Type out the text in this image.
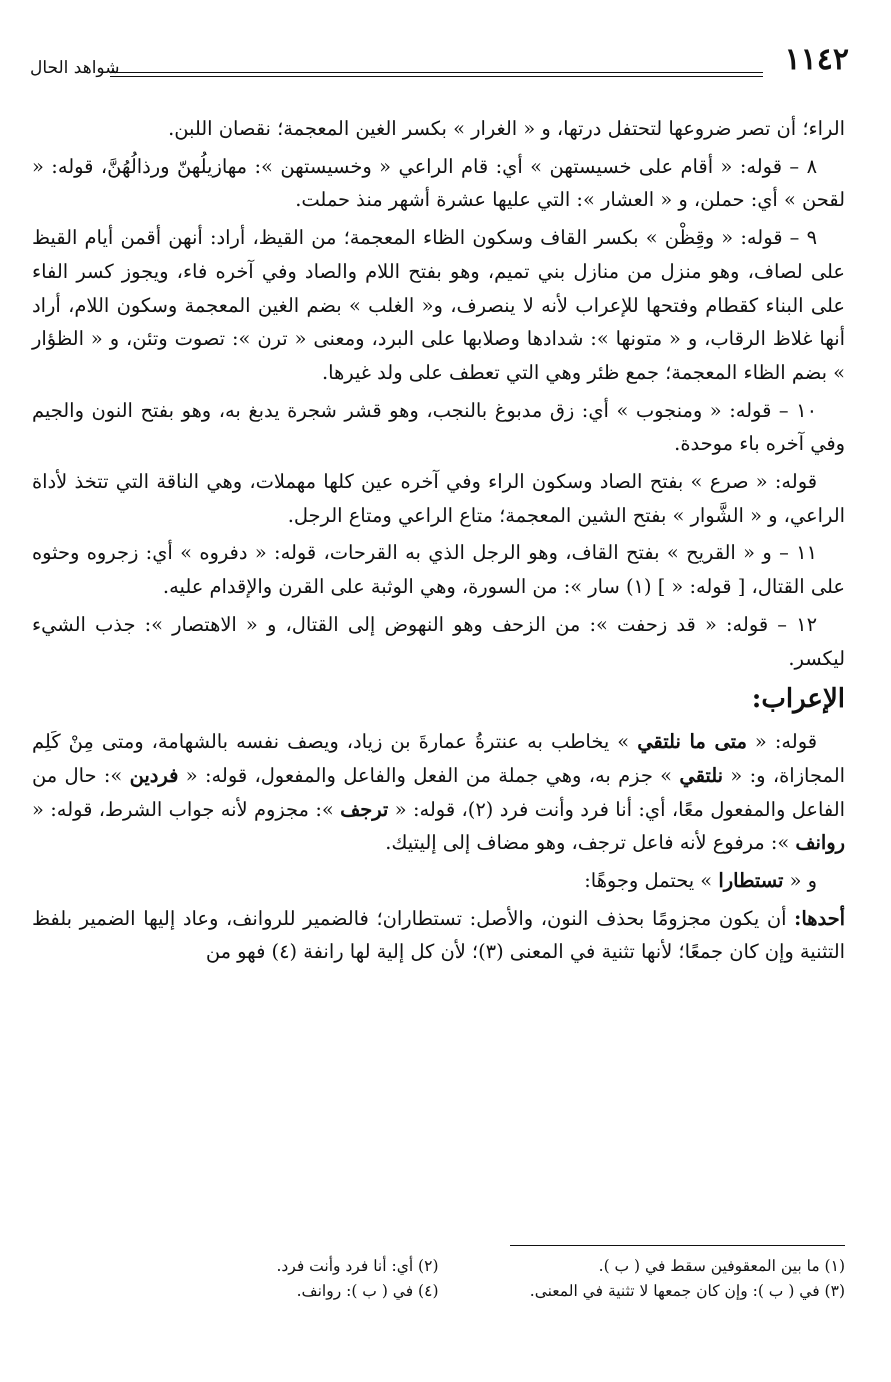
١١٤٢
شواهد الحال

الراء؛ أن تصر ضروعها لتحتفل درتها، و « الغرار » بكسر الغين المعجمة؛ نقصان اللبن.

٨ – قوله: « أقام على خسيستهن » أي: قام الراعي « وخسيستهن »: مهازيلُهنّ ورذالُهُنَّ، قوله: « لقحن » أي: حملن، و « العشار »: التي عليها عشرة أشهر منذ حملت.

٩ – قوله: « وقِظْن » بكسر القاف وسكون الظاء المعجمة؛ من القيظ، أراد: أنهن أقمن أيام القيظ على لصاف، وهو منزل من منازل بني تميم، وهو بفتح اللام والصاد وفي آخره فاء، ويجوز كسر الفاء على البناء كقطام وفتحها للإعراب لأنه لا ينصرف، و« الغلب » بضم الغين المعجمة وسكون اللام، أراد أنها غلاظ الرقاب، و « متونها »: شدادها وصلابها على البرد، ومعنى « ترن »: تصوت وتئن، و « الظؤار » بضم الظاء المعجمة؛ جمع ظئر وهي التي تعطف على ولد غيرها.

١٠ – قوله: « ومنجوب » أي: زق مدبوغ بالنجب، وهو قشر شجرة يدبغ به، وهو بفتح النون والجيم وفي آخره باء موحدة.

قوله: « صرع » بفتح الصاد وسكون الراء وفي آخره عين كلها مهملات، وهي الناقة التي تتخذ لأداة الراعي، و « الشَّوار » بفتح الشين المعجمة؛ متاع الراعي ومتاع الرجل.

١١ – و « القريح » بفتح القاف، وهو الرجل الذي به القرحات، قوله: « دفروه » أي: زجروه وحثوه على القتال، [ قوله: « ] (١) سار »: من السورة، وهي الوثبة على القرن والإقدام عليه.

١٢ – قوله: « قد زحفت »: من الزحف وهو النهوض إلى القتال، و « الاهتصار »: جذب الشيء ليكسر.

الإعراب:

قوله: « متى ما نلتقي » يخاطب به عنترةُ عمارةَ بن زياد، ويصف نفسه بالشهامة، ومتى مِنْ كَلِم المجازاة، و: « نلتقي » جزم به، وهي جملة من الفعل والفاعل والمفعول، قوله: « فردين »: حال من الفاعل والمفعول معًا، أي: أنا فرد وأنت فرد (٢)، قوله: « ترجف »: مجزوم لأنه جواب الشرط، قوله: « روانف »: مرفوع لأنه فاعل ترجف، وهو مضاف إلى إليتيك.

و « تستطارا » يحتمل وجوهًا:

أحدها: أن يكون مجزومًا بحذف النون، والأصل: تستطاران؛ فالضمير للروانف، وعاد إليها الضمير بلفظ التثنية وإن كان جمعًا؛ لأنها تثنية في المعنى (٣)؛ لأن كل إلية لها رانفة (٤) فهو من

(١) ما بين المعقوفين سقط في ( ب ).
(٢) أي: أنا فرد وأنت فرد.
(٣) في ( ب ): وإن كان جمعها لا تثنية في المعنى.
(٤) في ( ب ): روانف.
